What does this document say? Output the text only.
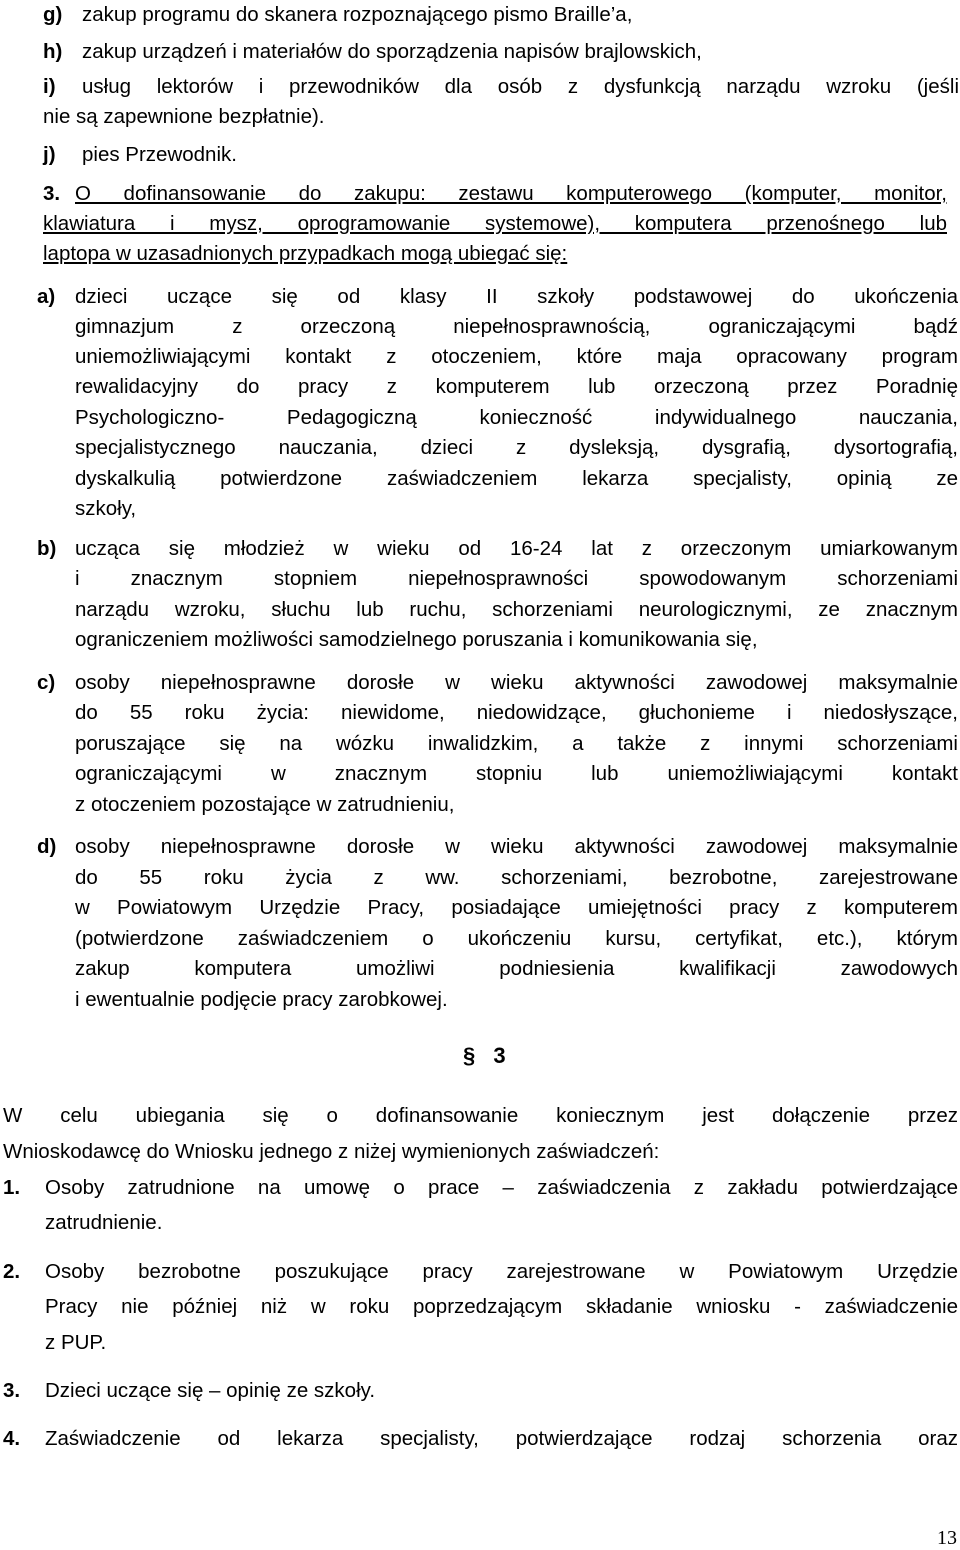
g) zakup programu do skanera rozpoznającego pismo Braille’a,
h) zakup urządzeń i materiałów do sporządzenia napisów brajlowskich,
i) usług lektorów i przewodników dla osób z dysfunkcją narządu wzroku (jeśli
nie są zapewnione bezpłatnie).
j) pies Przewodnik.
3. O dofinansowanie do zakupu: zestawu komputerowego (komputer, monitor,
klawiatura i mysz, oprogramowanie systemowe), komputera przenośnego lub
laptopa w uzasadnionych przypadkach mogą ubiegać się:
a) dzieci uczące się od klasy II szkoły podstawowej do ukończenia
gimnazjum z orzeczoną niepełnosprawnością, ograniczającymi bądź
uniemożliwiającymi kontakt z otoczeniem, które maja opracowany program
rewalidacyjny do pracy z komputerem lub orzeczoną przez Poradnię
Psychologiczno- Pedagogiczną konieczność indywidualnego nauczania,
specjalistycznego nauczania, dzieci z dysleksją, dysgrafią, dysortografią,
dyskalkulią potwierdzone zaświadczeniem lekarza specjalisty, opinią ze
szkoły,
b) ucząca się młodzież w wieku od 16-24 lat z orzeczonym umiarkowanym
i znacznym stopniem niepełnosprawności spowodowanym schorzeniami
narządu wzroku, słuchu lub ruchu, schorzeniami neurologicznymi, ze znacznym
ograniczeniem możliwości samodzielnego poruszania i komunikowania się,
c) osoby niepełnosprawne dorosłe w wieku aktywności zawodowej maksymalnie
do 55 roku życia: niewidome, niedowidzące, głuchonieme i niedosłyszące,
poruszające się na wózku inwalidzkim, a także z innymi schorzeniami
ograniczającymi w znacznym stopniu lub uniemożliwiającymi kontakt
z otoczeniem pozostające w zatrudnieniu,
d) osoby niepełnosprawne dorosłe w wieku aktywności zawodowej maksymalnie
do 55 roku życia z ww. schorzeniami, bezrobotne, zarejestrowane
w Powiatowym Urzędzie Pracy, posiadające umiejętności pracy z komputerem
(potwierdzone zaświadczeniem o ukończeniu kursu, certyfikat, etc.), którym
zakup komputera umożliwi podniesienia kwalifikacji zawodowych
i ewentualnie podjęcie pracy zarobkowej.
§ 3
W celu ubiegania się o dofinansowanie koniecznym jest dołączenie przez
Wnioskodawcę do Wniosku jednego z niżej wymienionych zaświadczeń:
1. Osoby zatrudnione na umowę o prace – zaświadczenia z zakładu potwierdzające
zatrudnienie.
2. Osoby bezrobotne poszukujące pracy zarejestrowane w Powiatowym Urzędzie
Pracy nie później niż w roku poprzedzającym składanie wniosku - zaświadczenie
z PUP.
3. Dzieci uczące się – opinię ze szkoły.
4. Zaświadczenie od lekarza specjalisty, potwierdzające rodzaj schorzenia oraz
13
